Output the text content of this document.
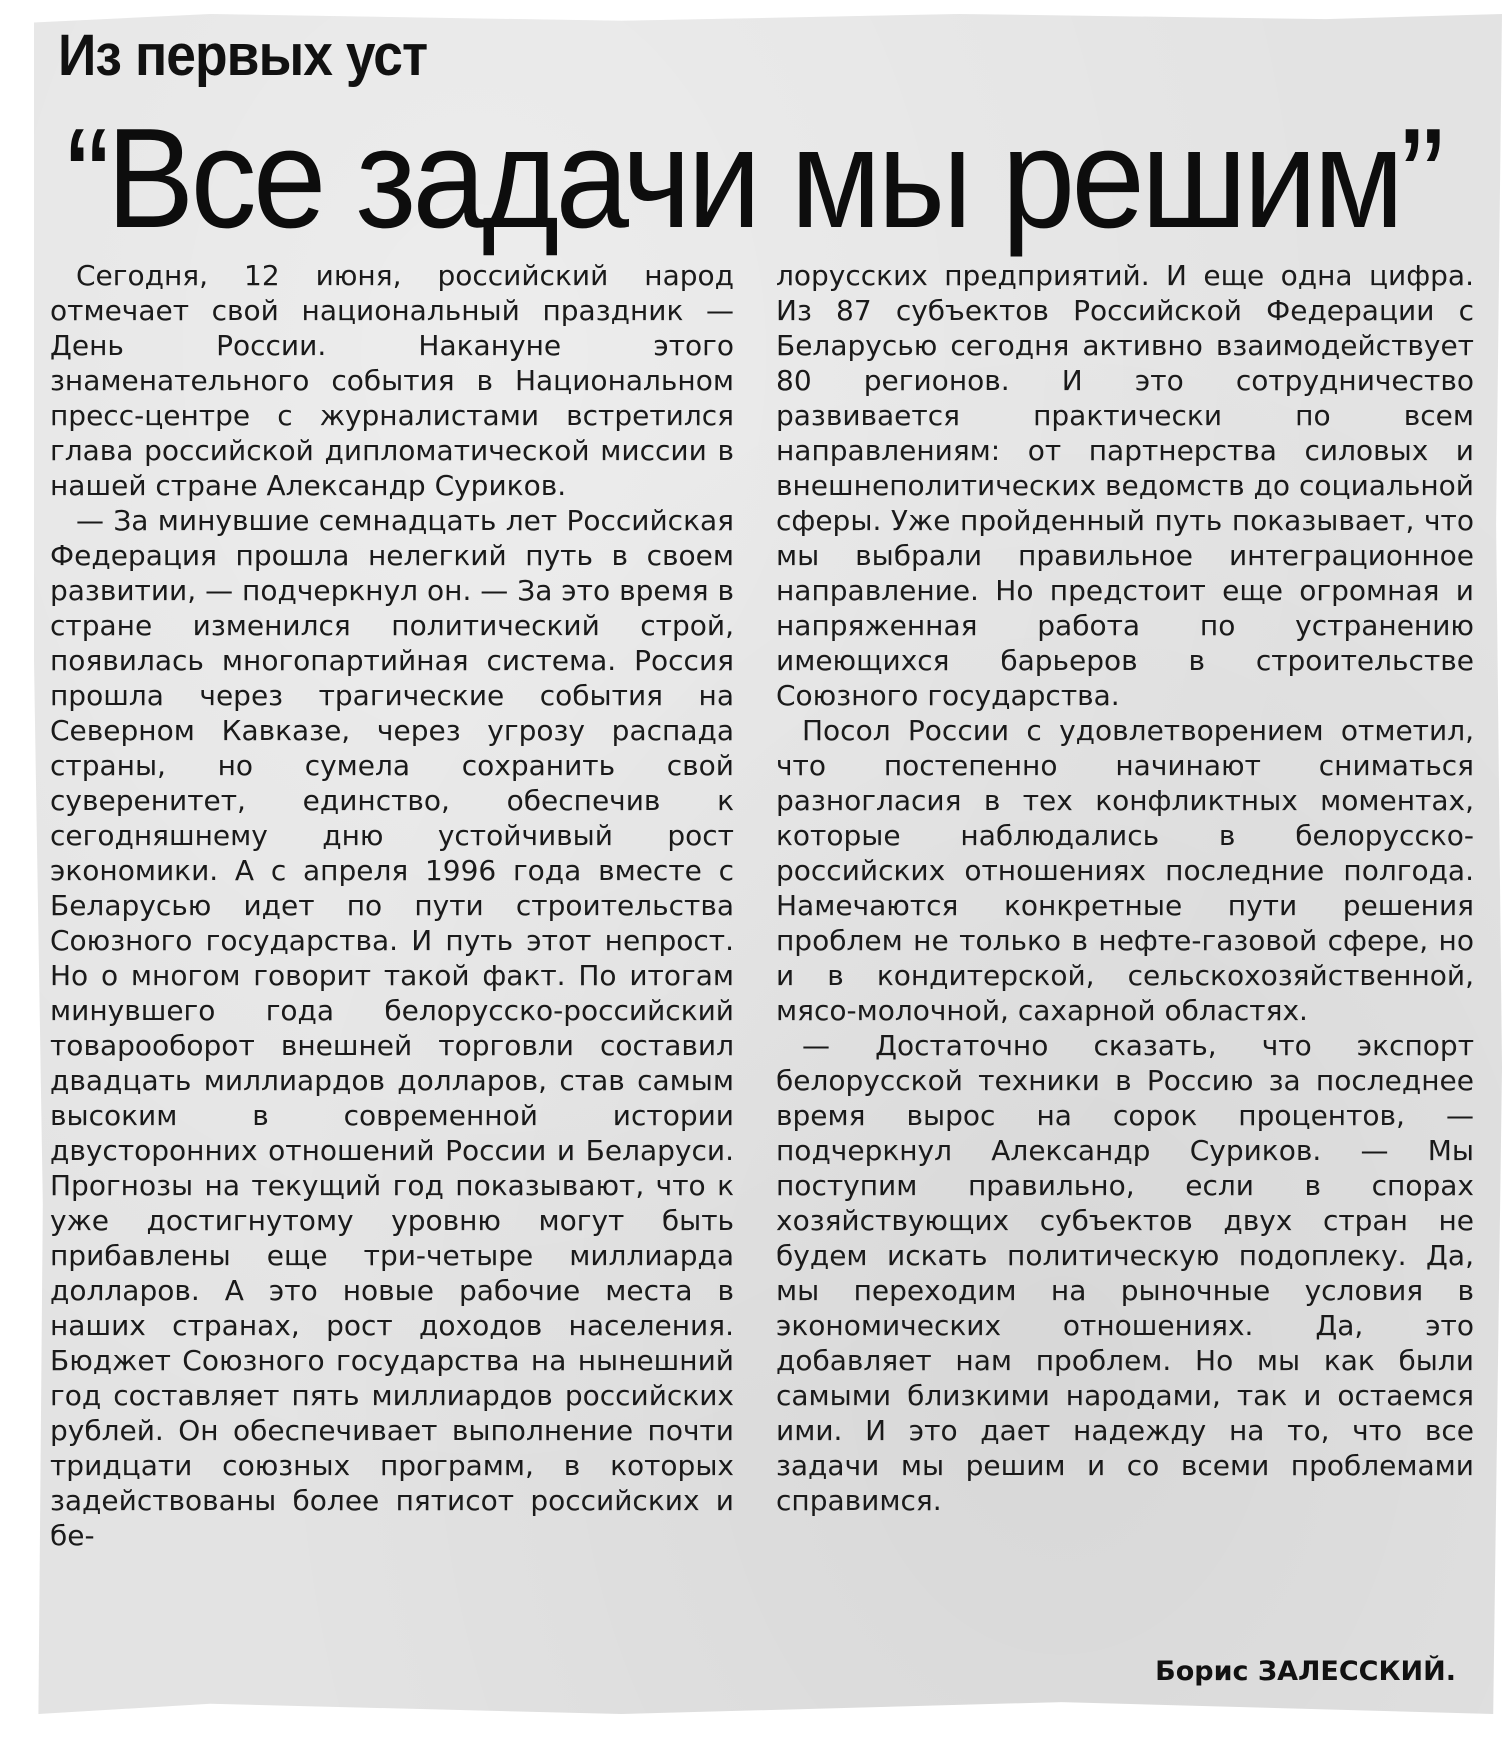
Из первых уст
“Все задачи мы решим”

Сегодня, 12 июня, российский народ отмечает свой национальный праздник — День России. Накануне этого знаменательного события в Национальном пресс-центре с журналистами встретился глава российской дипломатической миссии в нашей стране Александр Суриков.

— За минувшие семнадцать лет Российская Федерация прошла нелегкий путь в своем развитии, — подчеркнул он. — За это время в стране изменился политический строй, появилась многопартийная система. Россия прошла через трагические события на Северном Кавказе, через угрозу распада страны, но сумела сохранить свой суверенитет, единство, обеспечив к сегодняшнему дню устойчивый рост экономики. А с апреля 1996 года вместе с Беларусью идет по пути строительства Союзного государства. И путь этот непрост. Но о многом говорит такой факт. По итогам минувшего года белорусско-российский товарооборот внешней торговли составил двадцать миллиардов долларов, став самым высоким в современной истории двусторонних отношений России и Беларуси. Прогнозы на текущий год показывают, что к уже достигнутому уровню могут быть прибавлены еще три-четыре миллиарда долларов. А это новые рабочие места в наших странах, рост доходов населения. Бюджет Союзного государства на нынешний год составляет пять миллиардов российских рублей. Он обеспечивает выполнение почти тридцати союзных программ, в которых задействованы более пятисот российских и бе-

лорусских предприятий. И еще одна цифра. Из 87 субъектов Российской Федерации с Беларусью сегодня активно взаимодействует 80 регионов. И это сотрудничество развивается практически по всем направлениям: от партнерства силовых и внешнеполитических ведомств до социальной сферы. Уже пройденный путь показывает, что мы выбрали правильное интеграционное направление. Но предстоит еще огромная и напряженная работа по устранению имеющихся барьеров в строительстве Союзного государства.

Посол России с удовлетворением отметил, что постепенно начинают сниматься разногласия в тех конфликтных моментах, которые наблюдались в белорусско-российских отношениях последние полгода. Намечаются конкретные пути решения проблем не только в нефте-газовой сфере, но и в кондитерской, сельскохозяйственной, мясо-молочной, сахарной областях.

— Достаточно сказать, что экспорт белорусской техники в Россию за последнее время вырос на сорок процентов, — подчеркнул Александр Суриков. — Мы поступим правильно, если в спорах хозяйствующих субъектов двух стран не будем искать политическую подоплеку. Да, мы переходим на рыночные условия в экономических отношениях. Да, это добавляет нам проблем. Но мы как были самыми близкими народами, так и остаемся ими. И это дает надежду на то, что все задачи мы решим и со всеми проблемами справимся.

Борис ЗАЛЕССКИЙ.
